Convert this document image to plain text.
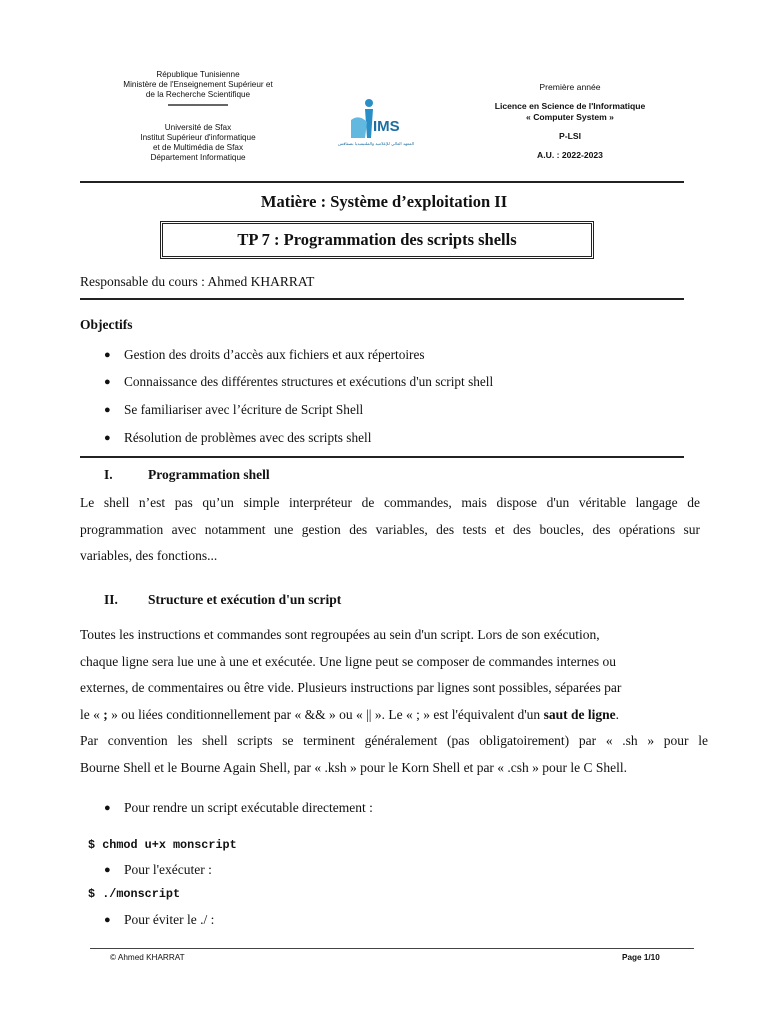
République Tunisienne
Ministère de l'Enseignement Supérieur et
de la Recherche Scientifique
Université de Sfax
Institut Supérieur d'informatique
et de Multimédia de Sfax
Département Informatique
IMS
المعهد العالي للإعلامية والملتيميديا بصفاقس
Première année
Licence en Science de l'Informatique
« Computer System »
P-LSI
A.U. : 2022-2023
Matière : Système d’exploitation II
TP 7 : Programmation des scripts shells
Responsable du cours : Ahmed KHARRAT
Objectifs
●	Gestion des droits d’accès aux fichiers et aux répertoires
●	Connaissance des différentes structures et exécutions d'un script shell
●	Se familiariser avec l’écriture de Script Shell
●	Résolution de problèmes avec des scripts shell
I.	Programmation shell
Le shell n’est pas qu’un simple interpréteur de commandes, mais dispose d'un véritable langage de
programmation avec notamment une gestion des variables, des tests et des boucles, des opérations sur
variables, des fonctions...
II. Structure et exécution d'un script
Toutes les instructions et commandes sont regroupées au sein d'un script. Lors de son exécution,
chaque ligne sera lue une à une et exécutée. Une ligne peut se composer de commandes internes ou
externes, de commentaires ou être vide. Plusieurs instructions par lignes sont possibles, séparées par
le « ; » ou liées conditionnellement par « && » ou « || ». Le « ; » est l'équivalent d'un saut de ligne.
Par convention les shell scripts se terminent généralement (pas obligatoirement) par « .sh » pour le
Bourne Shell et le Bourne Again Shell, par « .ksh » pour le Korn Shell et par « .csh » pour le C Shell.
● Pour rendre un script exécutable directement :
$ chmod u+x monscript
● Pour l'exécuter :
$ ./monscript
● Pour éviter le ./ :
© Ahmed KHARRAT	Page 1/10
